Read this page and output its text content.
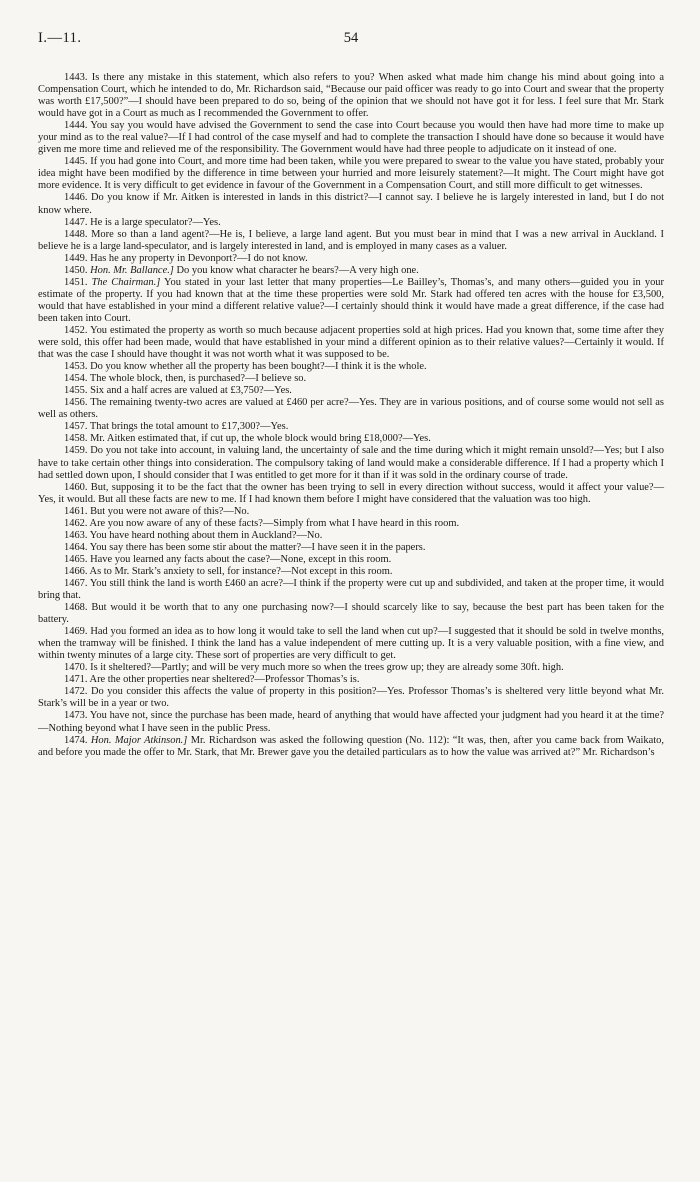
I.—11.	54

1443. Is there any mistake in this statement, which also refers to you? When asked what made him change his mind about going into a Compensation Court, which he intended to do, Mr. Richardson said, “Because our paid officer was ready to go into Court and swear that the property was worth £17,500?”—I should have been prepared to do so, being of the opinion that we should not have got it for less. I feel sure that Mr. Stark would have got in a Court as much as I recommended the Government to offer.

1444. You say you would have advised the Government to send the case into Court because you would then have had more time to make up your mind as to the real value?—If I had control of the case myself and had to complete the transaction I should have done so because it would have given me more time and relieved me of the responsibility. The Government would have had three people to adjudicate on it instead of one.

1445. If you had gone into Court, and more time had been taken, while you were prepared to swear to the value you have stated, probably your idea might have been modified by the difference in time between your hurried and more leisurely statement?—It might. The Court might have got more evidence. It is very difficult to get evidence in favour of the Government in a Compensation Court, and still more difficult to get witnesses.

1446. Do you know if Mr. Aitken is interested in lands in this district?—I cannot say. I believe he is largely interested in land, but I do not know where.

1447. He is a large speculator?—Yes.

1448. More so than a land agent?—He is, I believe, a large land agent. But you must bear in mind that I was a new arrival in Auckland. I believe he is a large land-speculator, and is largely interested in land, and is employed in many cases as a valuer.

1449. Has he any property in Devonport?—I do not know.

1450. Hon. Mr. Ballance.] Do you know what character he bears?—A very high one.

1451. The Chairman.] You stated in your last letter that many properties—Le Bailley’s, Thomas’s, and many others—guided you in your estimate of the property. If you had known that at the time these properties were sold Mr. Stark had offered ten acres with the house for £3,500, would that have established in your mind a different relative value?—I certainly should think it would have made a great difference, if the case had been taken into Court.

1452. You estimated the property as worth so much because adjacent properties sold at high prices. Had you known that, some time after they were sold, this offer had been made, would that have established in your mind a different opinion as to their relative values?—Certainly it would. If that was the case I should have thought it was not worth what it was supposed to be.

1453. Do you know whether all the property has been bought?—I think it is the whole.

1454. The whole block, then, is purchased?—I believe so.

1455. Six and a half acres are valued at £3,750?—Yes.

1456. The remaining twenty-two acres are valued at £460 per acre?—Yes. They are in various positions, and of course some would not sell as well as others.

1457. That brings the total amount to £17,300?—Yes.

1458. Mr. Aitken estimated that, if cut up, the whole block would bring £18,000?—Yes.

1459. Do you not take into account, in valuing land, the uncertainty of sale and the time during which it might remain unsold?—Yes; but I also have to take certain other things into consideration. The compulsory taking of land would make a considerable difference. If I had a property which I had settled down upon, I should consider that I was entitled to get more for it than if it was sold in the ordinary course of trade.

1460. But, supposing it to be the fact that the owner has been trying to sell in every direction without success, would it affect your value?—Yes, it would. But all these facts are new to me. If I had known them before I might have considered that the valuation was too high.

1461. But you were not aware of this?—No.

1462. Are you now aware of any of these facts?—Simply from what I have heard in this room.

1463. You have heard nothing about them in Auckland?—No.

1464. You say there has been some stir about the matter?—I have seen it in the papers.

1465. Have you learned any facts about the case?—None, except in this room.

1466. As to Mr. Stark’s anxiety to sell, for instance?—Not except in this room.

1467. You still think the land is worth £460 an acre?—I think if the property were cut up and subdivided, and taken at the proper time, it would bring that.

1468. But would it be worth that to any one purchasing now?—I should scarcely like to say, because the best part has been taken for the battery.

1469. Had you formed an idea as to how long it would take to sell the land when cut up?—I suggested that it should be sold in twelve months, when the tramway will be finished. I think the land has a value independent of mere cutting up. It is a very valuable position, with a fine view, and within twenty minutes of a large city. These sort of properties are very difficult to get.

1470. Is it sheltered?—Partly; and will be very much more so when the trees grow up; they are already some 30ft. high.

1471. Are the other properties near sheltered?—Professor Thomas’s is.

1472. Do you consider this affects the value of property in this position?—Yes. Professor Thomas’s is sheltered very little beyond what Mr. Stark’s will be in a year or two.

1473. You have not, since the purchase has been made, heard of anything that would have affected your judgment had you heard it at the time?—Nothing beyond what I have seen in the public Press.

1474. Hon. Major Atkinson.] Mr. Richardson was asked the following question (No. 112): “It was, then, after you came back from Waikato, and before you made the offer to Mr. Stark, that Mr. Brewer gave you the detailed particulars as to how the value was arrived at?” Mr. Richardson’s
